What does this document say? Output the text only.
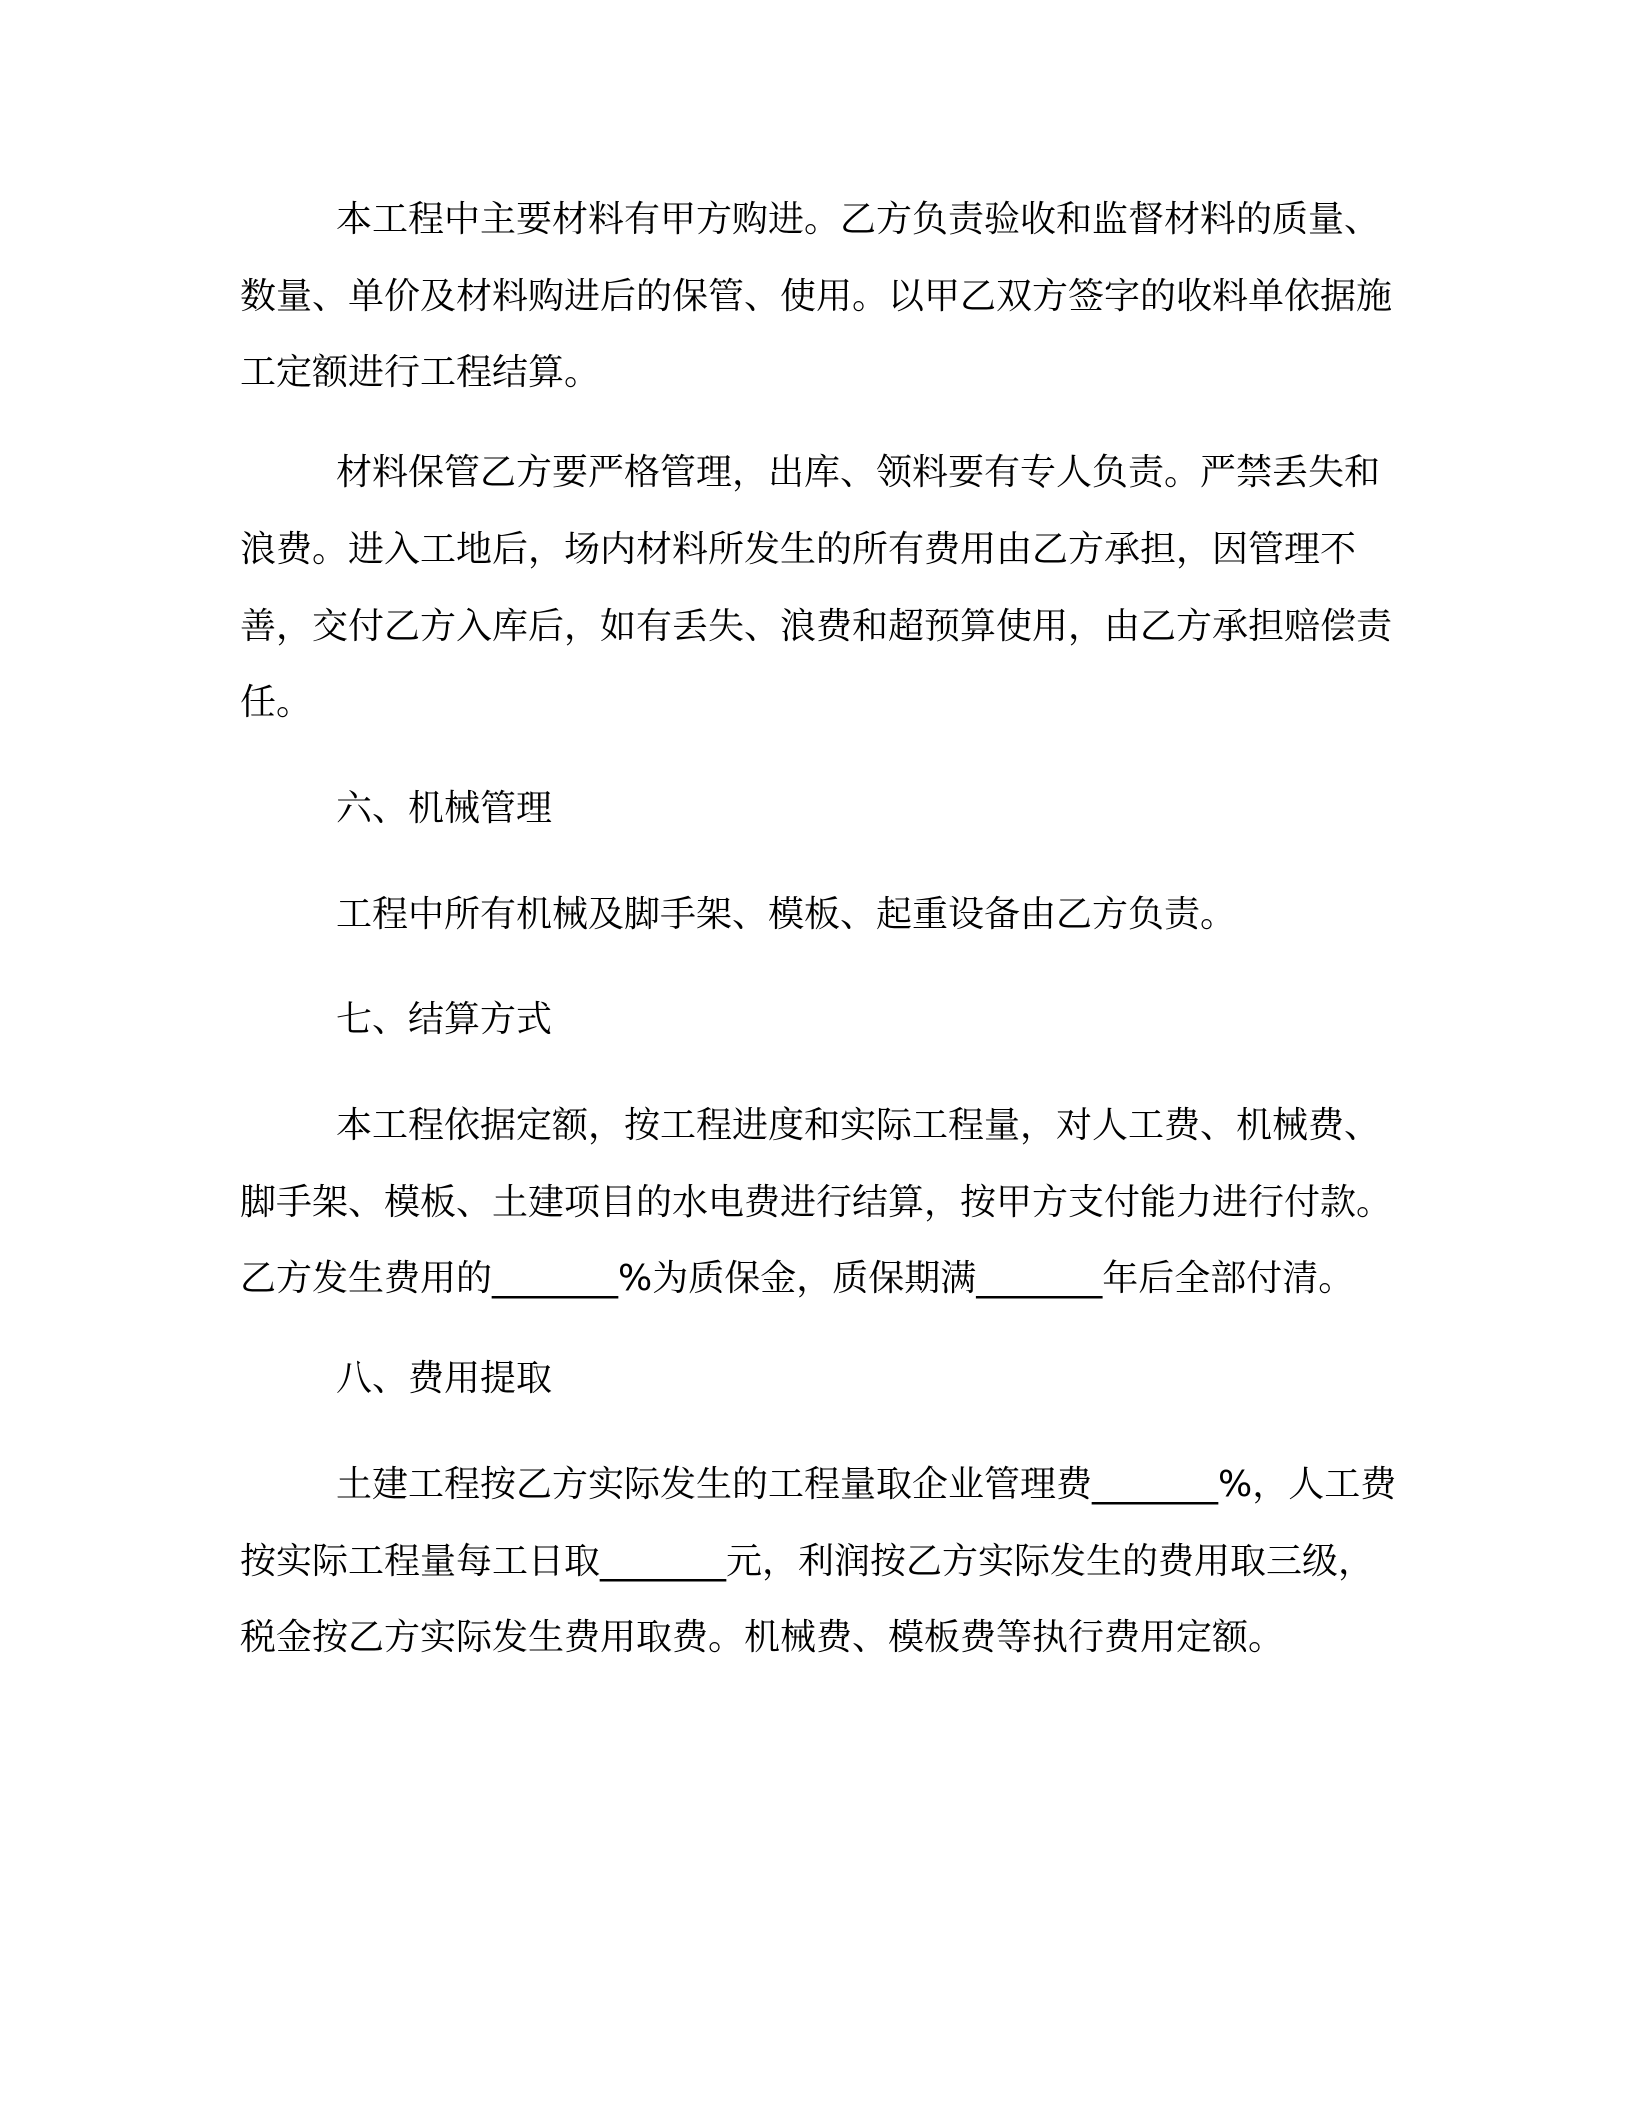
本工程中主要材料有甲方购进。乙方负责验收和监督材料的质量、数量、单价及材料购进后的保管、使用。以甲乙双方签字的收料单依据施工定额进行工程结算。

材料保管乙方要严格管理，出库、领料要有专人负责。严禁丢失和浪费。进入工地后，场内材料所发生的所有费用由乙方承担，因管理不善，交付乙方入库后，如有丢失、浪费和超预算使用，由乙方承担赔偿责任。

六、机械管理

工程中所有机械及脚手架、模板、起重设备由乙方负责。

七、结算方式

本工程依据定额，按工程进度和实际工程量，对人工费、机械费、脚手架、模板、土建项目的水电费进行结算，按甲方支付能力进行付款。乙方发生费用的_______%为质保金，质保期满_______年后全部付清。

八、费用提取

土建工程按乙方实际发生的工程量取企业管理费_______%，人工费按实际工程量每工日取_______元，利润按乙方实际发生的费用取三级，税金按乙方实际发生费用取费。机械费、模板费等执行费用定额。
